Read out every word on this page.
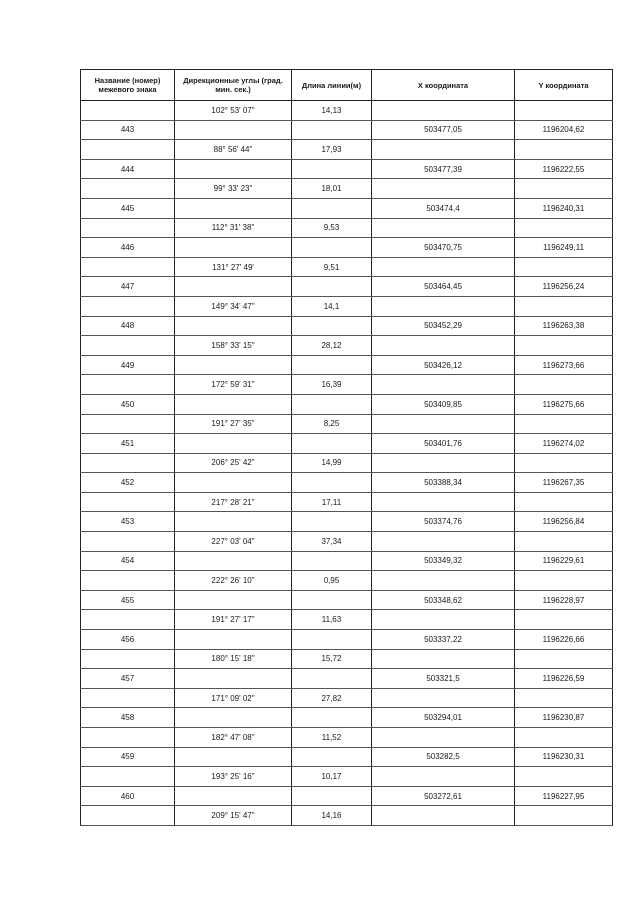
Название (номер) межевого знака	Дирекционные углы (град. мин. сек.)	Длина линии(м)	X координата	Y координата
	102° 53' 07"	14,13		
443			503477,05	1196204,62
	88° 56' 44"	17,93		
444			503477,39	1196222,55
	99° 33' 23"	18,01		
445			503474,4	1196240,31
	112° 31' 38"	9,53		
446			503470,75	1196249,11
	131° 27' 49'	9,51		
447			503464,45	1196256,24
	149° 34' 47"	14,1		
448			503452,29	1196263,38
	158° 33' 15"	28,12		
449			503426,12	1196273,66
	172° 59' 31"	16,39		
450			503409,85	1196275,66
	191° 27' 35"	8,25		
451			503401,76	1196274,02
	206° 25' 42"	14,99		
452			503388,34	1196267,35
	217° 28' 21"	17,11		
453			503374,76	1196256,84
	227° 03' 04"	37,34		
454			503349,32	1196229,61
	222° 26' 10"	0,95		
455			503348,62	1196228,97
	191° 27' 17"	11,63		
456			503337,22	1196226,66
	180° 15' 18"	15,72		
457			503321,5	1196226,59
	171° 09' 02"	27,82		
458			503294,01	1196230,87
	182° 47' 08"	11,52		
459			503282,5	1196230,31
	193° 25' 16"	10,17		
460			503272,61	1196227,95
	209° 15' 47"	14,16		
